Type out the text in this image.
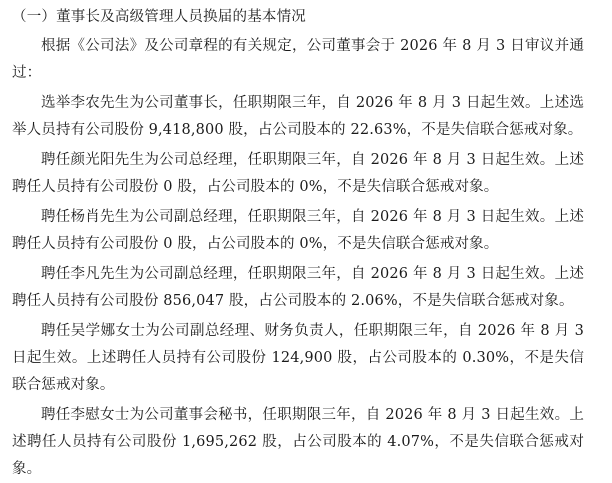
（一）董事长及高级管理人员换届的基本情况

根据《公司法》及公司章程的有关规定，公司董事会于 2026 年 8 月 3 日审议并通过：

选举李农先生为公司董事长，任职期限三年，自 2026 年 8 月 3 日起生效。上述选举人员持有公司股份 9,418,800 股，占公司股本的 22.63%，不是失信联合惩戒对象。

聘任颜光阳先生为公司总经理，任职期限三年，自 2026 年 8 月 3 日起生效。上述聘任人员持有公司股份 0 股，占公司股本的 0%，不是失信联合惩戒对象。

聘任杨肖先生为公司副总经理，任职期限三年，自 2026 年 8 月 3 日起生效。上述聘任人员持有公司股份 0 股，占公司股本的 0%，不是失信联合惩戒对象。

聘任李凡先生为公司副总经理，任职期限三年，自 2026 年 8 月 3 日起生效。上述聘任人员持有公司股份 856,047 股，占公司股本的 2.06%，不是失信联合惩戒对象。

聘任吴学娜女士为公司副总经理、财务负责人，任职期限三年，自 2026 年 8 月 3 日起生效。上述聘任人员持有公司股份 124,900 股，占公司股本的 0.30%，不是失信联合惩戒对象。

聘任李慰女士为公司董事会秘书，任职期限三年，自 2026 年 8 月 3 日起生效。上述聘任人员持有公司股份 1,695,262 股，占公司股本的 4.07%，不是失信联合惩戒对象。
